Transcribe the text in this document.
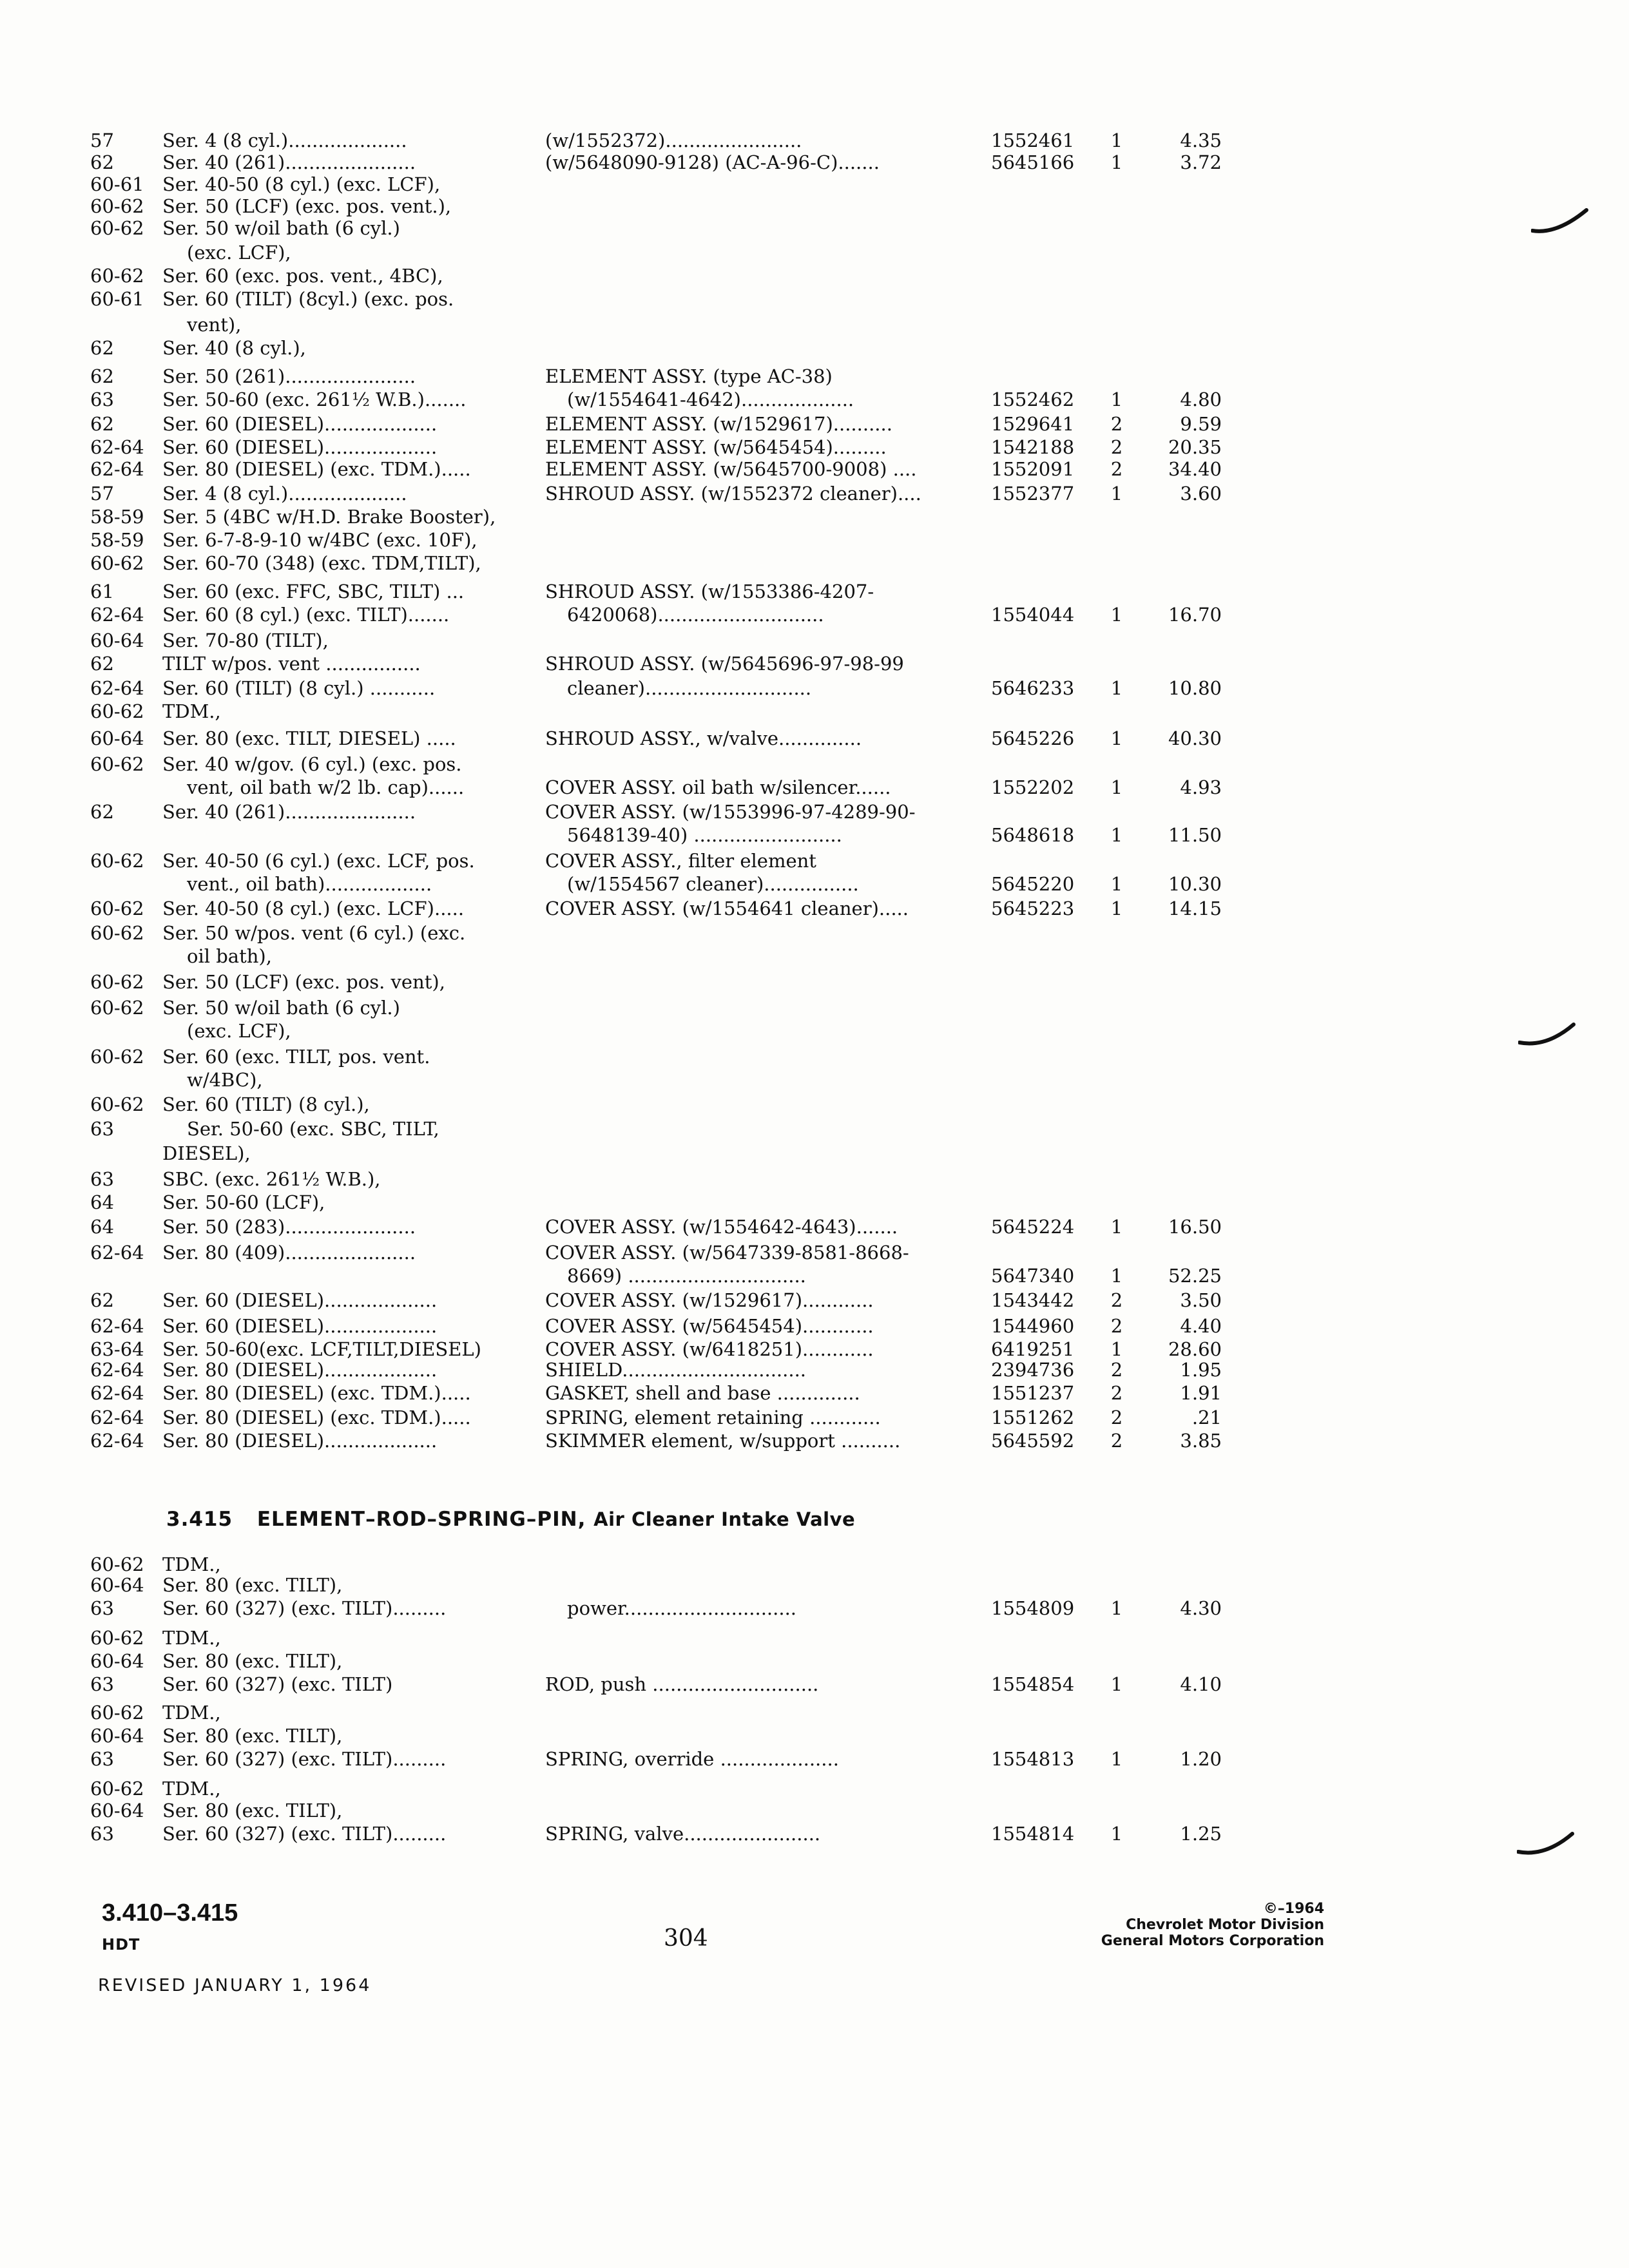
57	Ser. 4 (8 cyl.)....................	(w/1552372).......................	1552461	1	4.35
62	Ser. 40 (261)......................	(w/5648090-9128) (AC-A-96-C).......	5645166	1	3.72
60-61 Ser. 40-50 (8 cyl.) (exc. LCF),
60-62 Ser. 50 (LCF) (exc. pos. vent.),
60-62 Ser. 50 w/oil bath (6 cyl.)
(exc. LCF),
60-62 Ser. 60 (exc. pos. vent., 4BC),
60-61 Ser. 60 (TILT) (8cyl.) (exc. pos.
vent),
62	Ser. 40 (8 cyl.),
62	Ser. 50 (261)......................	ELEMENT ASSY. (type AC-38)
63	Ser. 50-60 (exc. 261½ W.B.).......	(w/1554641-4642)...................	1552462	1	4.80
62	Ser. 60 (DIESEL)...................	ELEMENT ASSY. (w/1529617)..........	1529641	2	9.59
62-64 Ser. 60 (DIESEL)...................	ELEMENT ASSY. (w/5645454).........	1542188	2	20.35
62-64 Ser. 80 (DIESEL) (exc. TDM.).....	ELEMENT ASSY. (w/5645700-9008) ....	1552091	2	34.40
57	Ser. 4 (8 cyl.)....................	SHROUD ASSY. (w/1552372 cleaner)....	1552377	1	3.60
58-59 Ser. 5 (4BC w/H.D. Brake Booster),
58-59 Ser. 6-7-8-9-10 w/4BC (exc. 10F),
60-62 Ser. 60-70 (348) (exc. TDM,TILT),
61	Ser. 60 (exc. FFC, SBC, TILT) ...	SHROUD ASSY. (w/1553386-4207-
62-64 Ser. 60 (8 cyl.) (exc. TILT).......	6420068)............................	1554044	1	16.70
60-64 Ser. 70-80 (TILT),
62	TILT w/pos. vent ................	SHROUD ASSY. (w/5645696-97-98-99
62-64 Ser. 60 (TILT) (8 cyl.) ...........	cleaner)............................	5646233	1	10.80
60-62 TDM.,
60-64 Ser. 80 (exc. TILT, DIESEL) .....	SHROUD ASSY., w/valve..............	5645226	1	40.30
60-62 Ser. 40 w/gov. (6 cyl.) (exc. pos.
vent, oil bath w/2 lb. cap)......	COVER ASSY. oil bath w/silencer......	1552202	1	4.93
62	Ser. 40 (261)......................	COVER ASSY. (w/1553996-97-4289-90-
5648139-40) .........................	5648618	1	11.50
60-62 Ser. 40-50 (6 cyl.) (exc. LCF, pos.	COVER ASSY., filter element
vent., oil bath)..................	(w/1554567 cleaner)................	5645220	1	10.30
60-62 Ser. 40-50 (8 cyl.) (exc. LCF).....	COVER ASSY. (w/1554641 cleaner).....	5645223	1	14.15
60-62 Ser. 50 w/pos. vent (6 cyl.) (exc.
oil bath),
60-62 Ser. 50 (LCF) (exc. pos. vent),
60-62 Ser. 50 w/oil bath (6 cyl.)
(exc. LCF),
60-62 Ser. 60 (exc. TILT, pos. vent.
w/4BC),
60-62 Ser. 60 (TILT) (8 cyl.),
63	Ser. 50-60 (exc. SBC, TILT,
DIESEL),
63	SBC. (exc. 261½ W.B.),
64	Ser. 50-60 (LCF),
64	Ser. 50 (283)......................	COVER ASSY. (w/1554642-4643).......	5645224	1	16.50
62-64 Ser. 80 (409)......................	COVER ASSY. (w/5647339-8581-8668-
8669) ..............................	5647340	1	52.25
62	Ser. 60 (DIESEL)...................	COVER ASSY. (w/1529617)............	1543442	2	3.50
62-64 Ser. 60 (DIESEL)...................	COVER ASSY. (w/5645454)............	1544960	2	4.40
63-64 Ser. 50-60(exc. LCF,TILT,DIESEL)	COVER ASSY. (w/6418251)............	6419251	1	28.60
62-64 Ser. 80 (DIESEL)...................	SHIELD...............................	2394736	2	1.95
62-64 Ser. 80 (DIESEL) (exc. TDM.).....	GASKET, shell and base ..............	1551237	2	1.91
62-64 Ser. 80 (DIESEL) (exc. TDM.).....	SPRING, element retaining ............	1551262	2	.21
62-64 Ser. 80 (DIESEL)...................	SKIMMER element, w/support ..........	5645592	2	3.85
60-62 TDM.,
60-64 Ser. 80 (exc. TILT),
63	Ser. 60 (327) (exc. TILT).........	power.............................	1554809	1	4.30
60-62 TDM.,
60-64 Ser. 80 (exc. TILT),
63	Ser. 60 (327) (exc. TILT)	ROD, push ............................	1554854	1	4.10
60-62 TDM.,
60-64 Ser. 80 (exc. TILT),
63	Ser. 60 (327) (exc. TILT).........	SPRING, override ....................	1554813	1	1.20
60-62 TDM.,
60-64 Ser. 80 (exc. TILT),
63	Ser. 60 (327) (exc. TILT).........	SPRING, valve.......................	1554814	1	1.25
3.415 ELEMENT–ROD–SPRING–PIN, Air Cleaner Intake Valve
3.410–3.415
HDT
REVISED JANUARY 1, 1964
304
©–1964
Chevrolet Motor Division
General Motors Corporation
